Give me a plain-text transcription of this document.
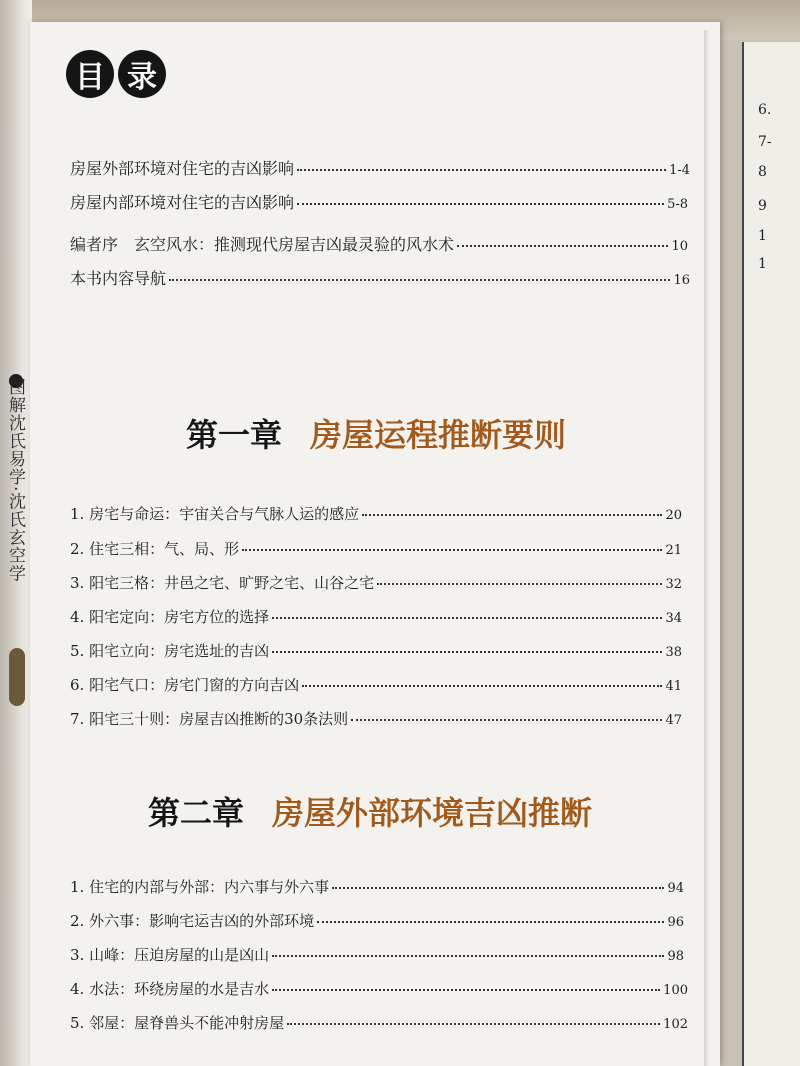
图解沈氏易学·沈氏玄空学
6.
7-
8
9
1
1
目 录
房屋外部环境对住宅的吉凶影响	1-4
房屋内部环境对住宅的吉凶影响	5-8
编者序　玄空风水：推测现代房屋吉凶最灵验的风水术	10
本书内容导航	16
第一章 房屋运程推断要则
1. 房宅与命运：宇宙关合与气脉人运的感应	20
2. 住宅三相：气、局、形	21
3. 阳宅三格：井邑之宅、旷野之宅、山谷之宅	32
4. 阳宅定向：房宅方位的选择	34
5. 阳宅立向：房宅选址的吉凶	38
6. 阳宅气口：房宅门窗的方向吉凶	41
7. 阳宅三十则：房屋吉凶推断的30条法则	47
第二章 房屋外部环境吉凶推断
1. 住宅的内部与外部：内六事与外六事	94
2. 外六事：影响宅运吉凶的外部环境	96
3. 山峰：压迫房屋的山是凶山	98
4. 水法：环绕房屋的水是吉水	100
5. 邻屋：屋脊兽头不能冲射房屋	102
